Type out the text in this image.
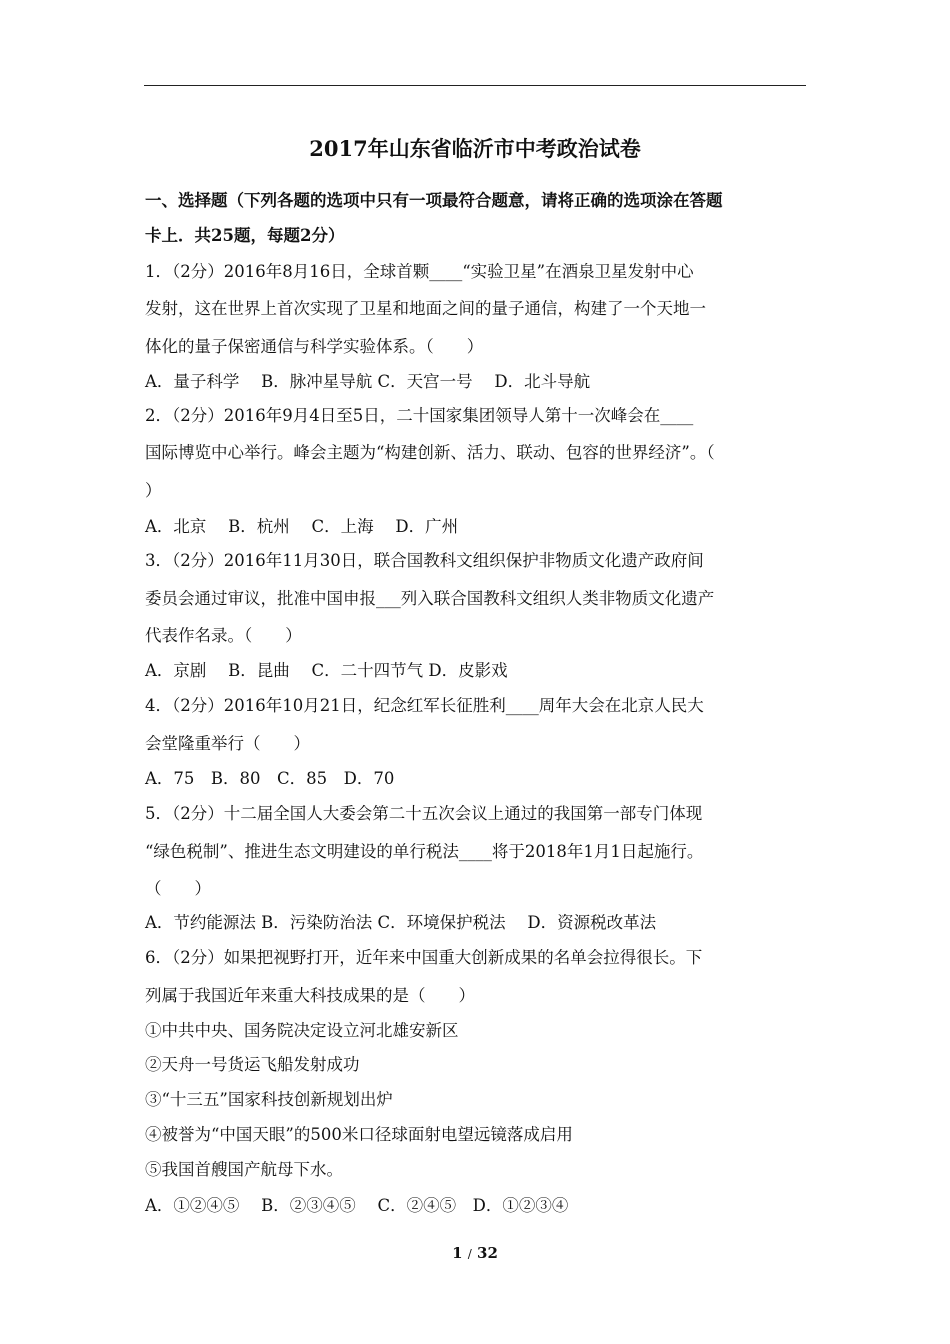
2017年山东省临沂市中考政治试卷
一、选择题（下列各题的选项中只有一项最符合题意，请将正确的选项涂在答题
卡上．共25题，每题2分）
1．（2分）2016年8月16日，全球首颗____“实验卫星”在酒泉卫星发射中心
发射，这在世界上首次实现了卫星和地面之间的量子通信，构建了一个天地一
体化的量子保密通信与科学实验体系。（　　）
A．量子科学　 B．脉冲星导航 C．天宫一号　 D．北斗导航
2．（2分）2016年9月4日至5日，二十国家集团领导人第十一次峰会在____
国际博览中心举行。峰会主题为“构建创新、活力、联动、包容的世界经济”。（
）
A．北京　 B．杭州　 C．上海　 D．广州
3．（2分）2016年11月30日，联合国教科文组织保护非物质文化遗产政府间
委员会通过审议，批准中国申报___列入联合国教科文组织人类非物质文化遗产
代表作名录。（　　）
A．京剧　 B．昆曲　 C．二十四节气 D．皮影戏
4．（2分）2016年10月21日，纪念红军长征胜利____周年大会在北京人民大
会堂隆重举行（　　）
A．75　B．80　C．85　D．70
5．（2分）十二届全国人大委会第二十五次会议上通过的我国第一部专门体现
“绿色税制”、推进生态文明建设的单行税法____将于2018年1月1日起施行。
（　　）
A．节约能源法 B．污染防治法 C．环境保护税法　 D．资源税改革法
6．（2分）如果把视野打开，近年来中国重大创新成果的名单会拉得很长。下
列属于我国近年来重大科技成果的是（　　）
①中共中央、国务院决定设立河北雄安新区
②天舟一号货运飞船发射成功
③“十三五”国家科技创新规划出炉
④被誉为“中国天眼”的500米口径球面射电望远镜落成启用
⑤我国首艘国产航母下水。
A．①②④⑤　 B．②③④⑤　 C．②④⑤　D．①②③④
1 / 32
